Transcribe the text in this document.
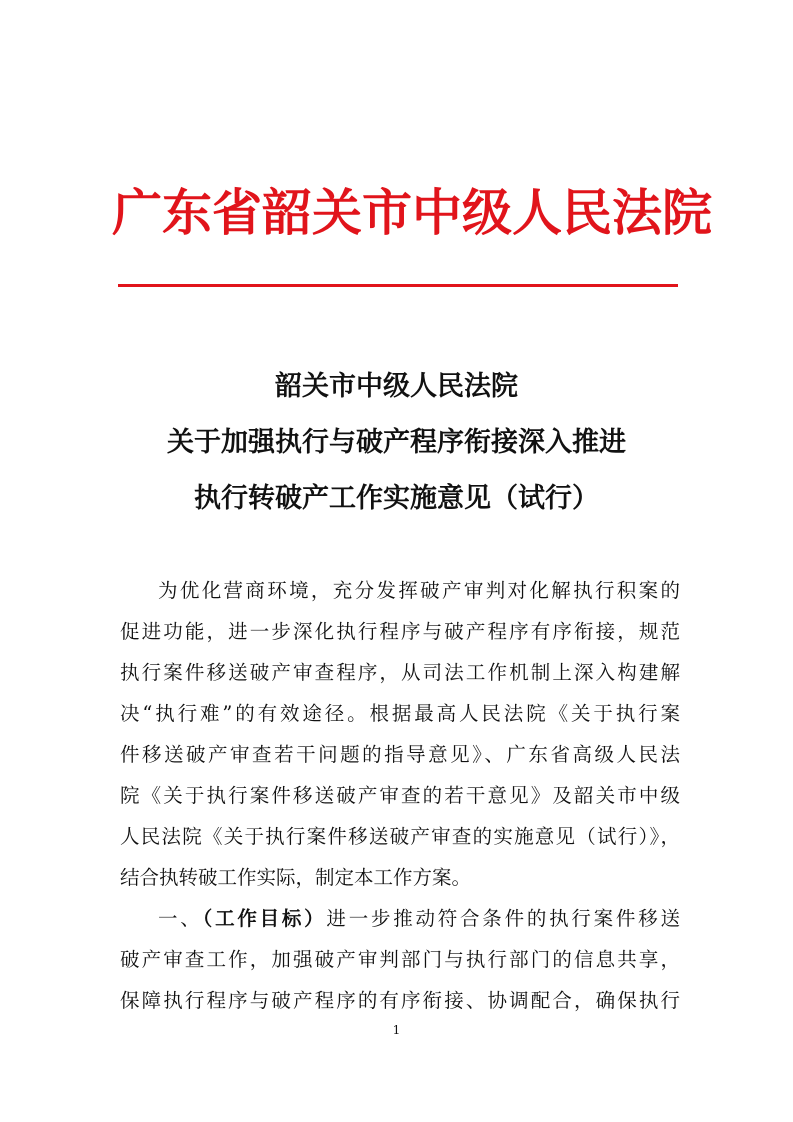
广东省韶关市中级人民法院
韶关市中级人民法院
关于加强执行与破产程序衔接深入推进
执行转破产工作实施意见（试行）
为优化营商环境，充分发挥破产审判对化解执行积案的
促进功能，进一步深化执行程序与破产程序有序衔接，规范
执行案件移送破产审查程序，从司法工作机制上深入构建解
决“执行难”的有效途径。根据最高人民法院《关于执行案
件移送破产审查若干问题的指导意见》、广东省高级人民法
院《关于执行案件移送破产审查的若干意见》及韶关市中级
人民法院《关于执行案件移送破产审查的实施意见（试行）》，
结合执转破工作实际，制定本工作方案。
一、（工作目标）进一步推动符合条件的执行案件移送
破产审查工作，加强破产审判部门与执行部门的信息共享，
保障执行程序与破产程序的有序衔接、协调配合，确保执行
1
